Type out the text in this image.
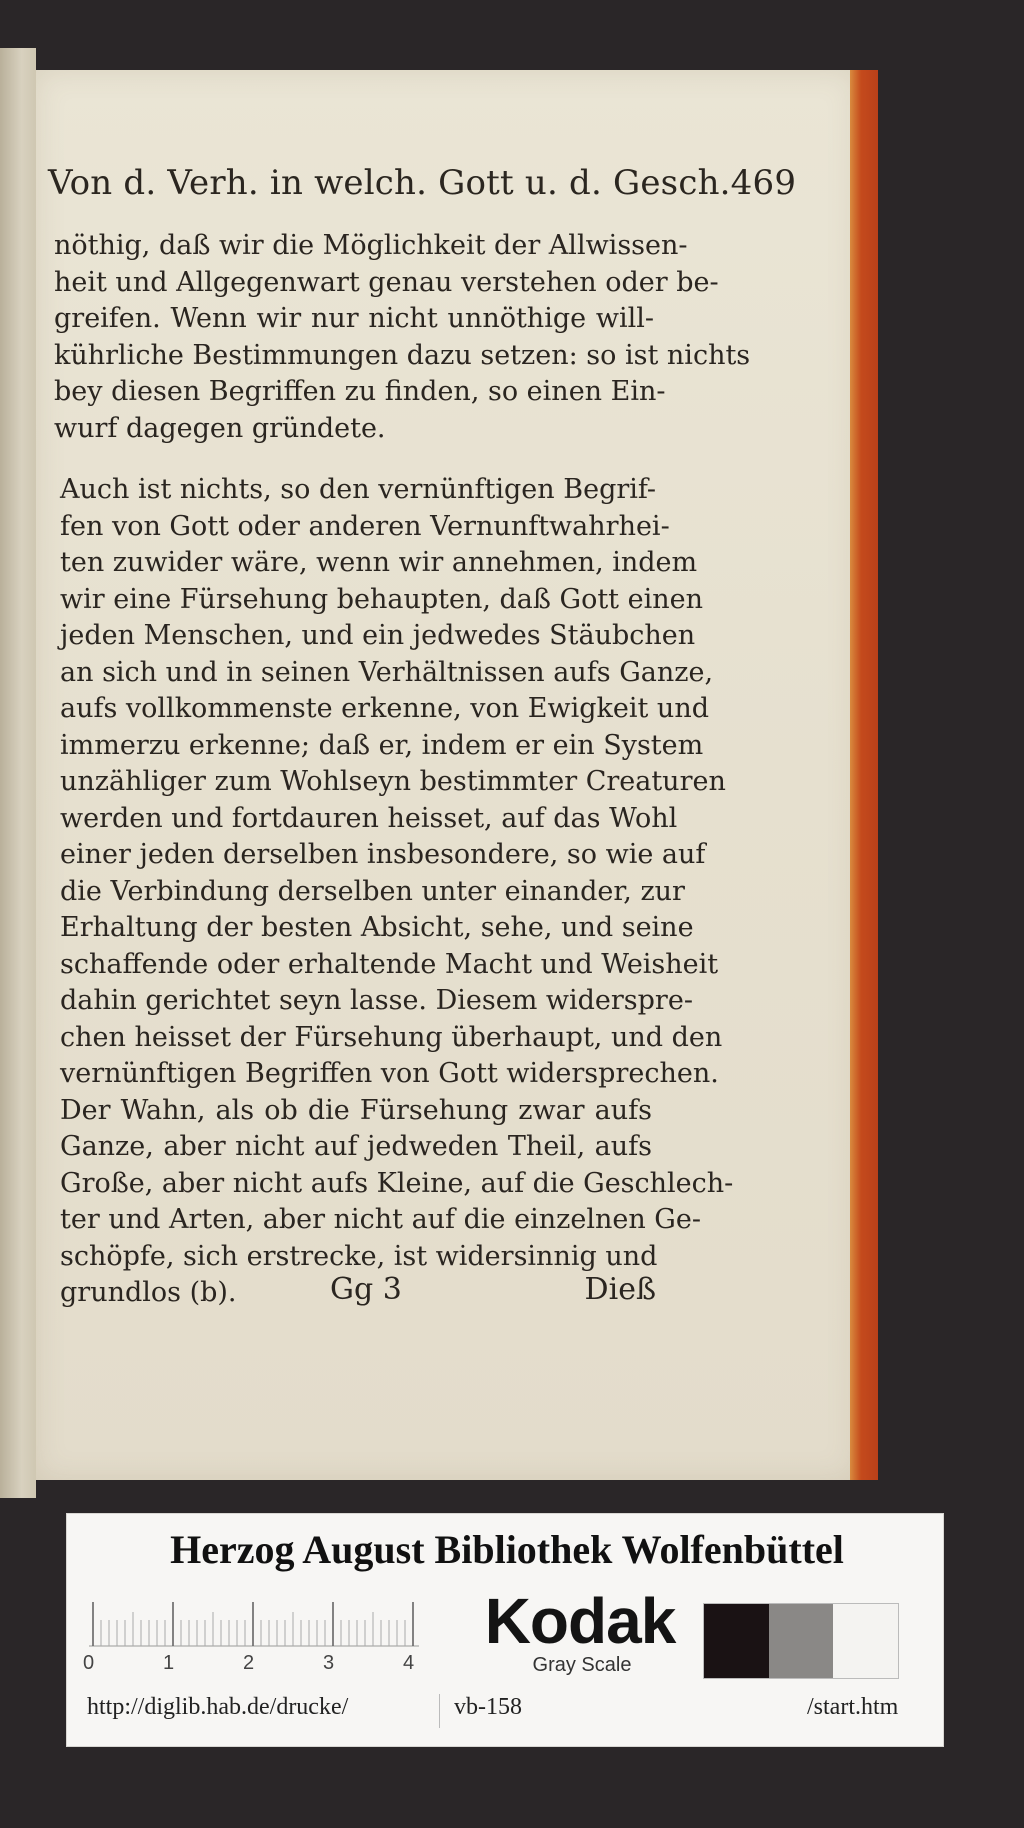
Von d. Verh. in welch. Gott u. d. Gesch. 469
nöthig, daß wir die Möglichkeit der Allwissen-
heit und Allgegenwart genau verstehen oder be-
greifen. Wenn wir nur nicht unnöthige will-
kührliche Bestimmungen dazu setzen: so ist nichts
bey diesen Begriffen zu finden, so einen Ein-
wurf dagegen gründete.
Auch ist nichts, so den vernünftigen Begrif-
fen von Gott oder anderen Vernunftwahrhei-
ten zuwider wäre, wenn wir annehmen, indem
wir eine Fürsehung behaupten, daß Gott einen
jeden Menschen, und ein jedwedes Stäubchen
an sich und in seinen Verhältnissen aufs Ganze,
aufs vollkommenste erkenne, von Ewigkeit und
immerzu erkenne; daß er, indem er ein System
unzähliger zum Wohlseyn bestimmter Creaturen
werden und fortdauren heisset, auf das Wohl
einer jeden derselben insbesondere, so wie auf
die Verbindung derselben unter einander, zur
Erhaltung der besten Absicht, sehe, und seine
schaffende oder erhaltende Macht und Weisheit
dahin gerichtet seyn lasse. Diesem widerspre-
chen heisset der Fürsehung überhaupt, und den
vernünftigen Begriffen von Gott widersprechen.
Der Wahn, als ob die Fürsehung zwar aufs
Ganze, aber nicht auf jedweden Theil, aufs
Große, aber nicht aufs Kleine, auf die Geschlech-
ter und Arten, aber nicht auf die einzelnen Ge-
schöpfe, sich erstrecke, ist widersinnig und
grundlos (b).	Gg 3	Dieß
Herzog August Bibliothek Wolfenbüttel
0	1	2	3	4
Kodak
Gray Scale
http://diglib.hab.de/drucke/	vb-158	/start.htm
